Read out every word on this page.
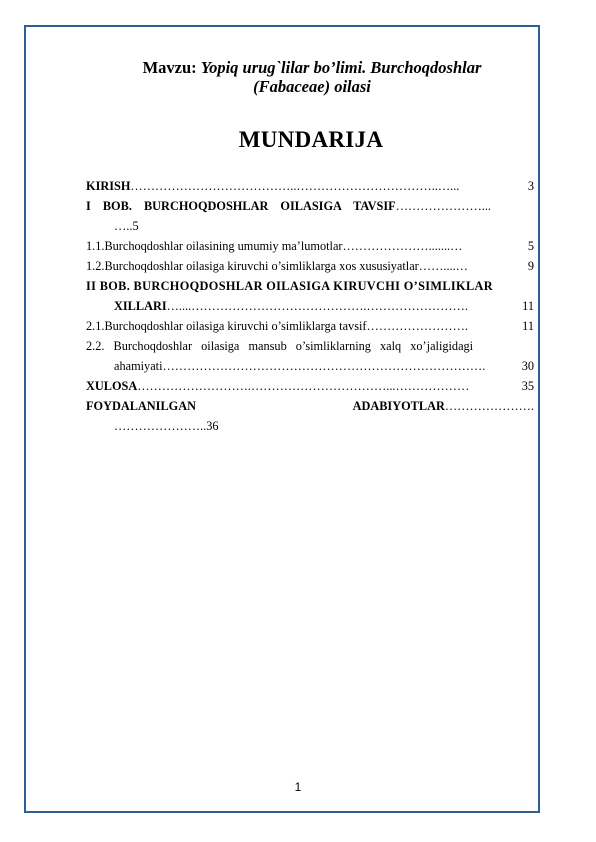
Mavzu: Yopiq urug`lilar bo’limi. Burchoqdoshlar
(Fabaceae) oilasi
MUNDARIJA
KIRISH …………………………………..……………………………..…...	3
I BOB. BURCHOQDOSHLAR OILASIGA TAVSIF …………………...
…..5
1.1.Burchoqdoshlar oilasining umumiy ma’lumotlar ………………….......…	5
1.2.Burchoqdoshlar oilasiga kiruvchi o’simliklarga xos xususiyatlar ……....…	9
II BOB. BURCHOQDOSHLAR OILASIGA KIRUVCHI O’SIMLIKLAR
XILLARI …....…………………………………….…………………….	11
2.1.Burchoqdoshlar oilasiga kiruvchi o’simliklarga tavsif …………………….	11
2.2. Burchoqdoshlar oilasiga mansub o’simliklarning xalq xo’jaligidagi
ahamiyati …………………………………………………………………….	30
XULOSA ……………………….……………………………...………………	35
FOYDALANILGAN	ADABIYOTLAR ………………….
…………………..36
1
